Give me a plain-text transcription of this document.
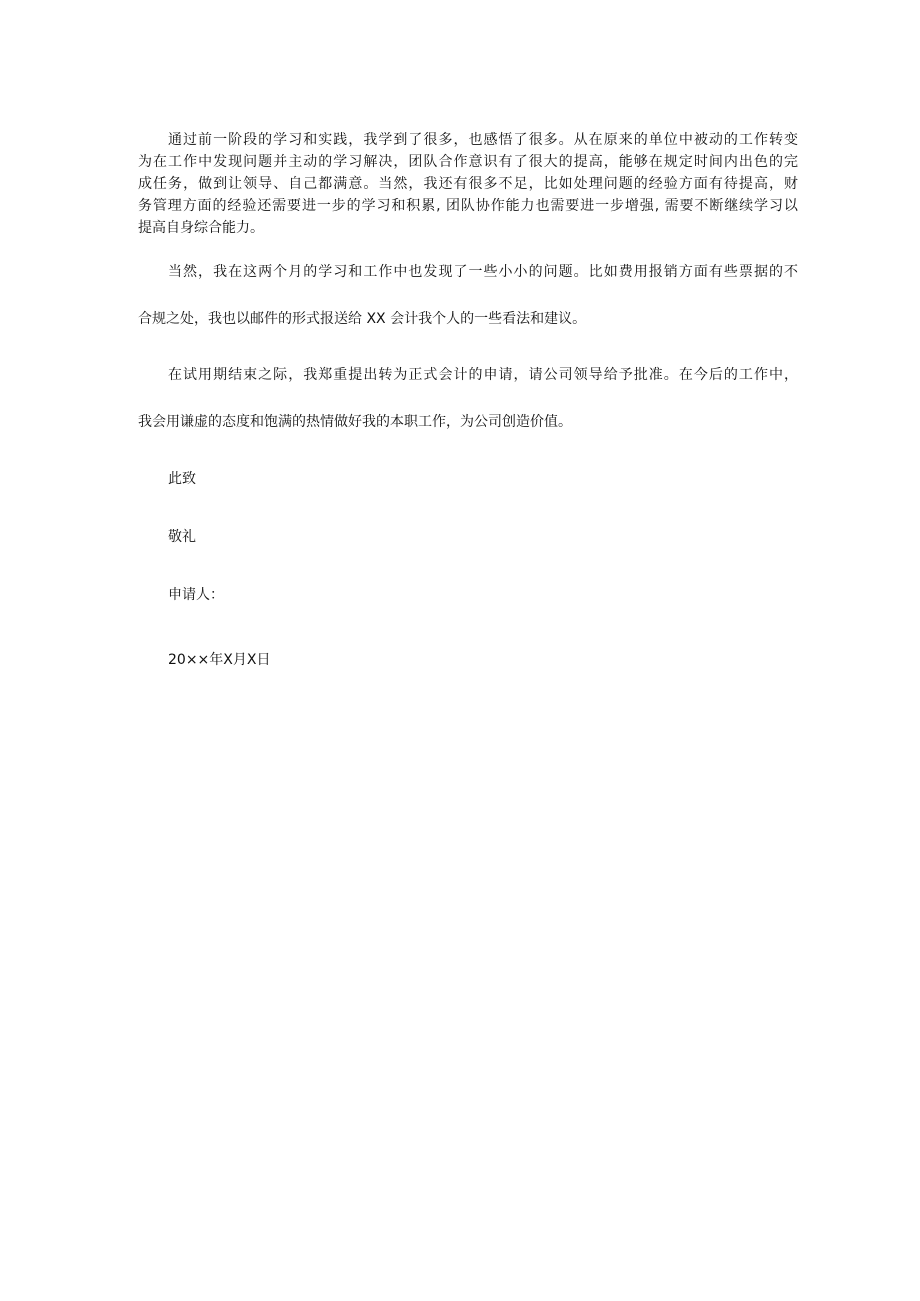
通过前一阶段的学习和实践，我学到了很多，也感悟了很多。从在原来的单位中被动的工作转变
为在工作中发现问题并主动的学习解决，团队合作意识有了很大的提高，能够在规定时间内出色的完
成任务，做到让领导、自己都满意。当然，我还有很多不足，比如处理问题的经验方面有待提高，财
务管理方面的经验还需要进一步的学习和积累, 团队协作能力也需要进一步增强, 需要不断继续学习以
提高自身综合能力。
当然，我在这两个月的学习和工作中也发现了一些小小的问题。比如费用报销方面有些票据的不
合规之处，我也以邮件的形式报送给 XX 会计我个人的一些看法和建议。
在试用期结束之际，我郑重提出转为正式会计的申请，请公司领导给予批准。在今后的工作中，
我会用谦虚的态度和饱满的热情做好我的本职工作，为公司创造价值。
此致
敬礼
申请人：
20××年X月X日
